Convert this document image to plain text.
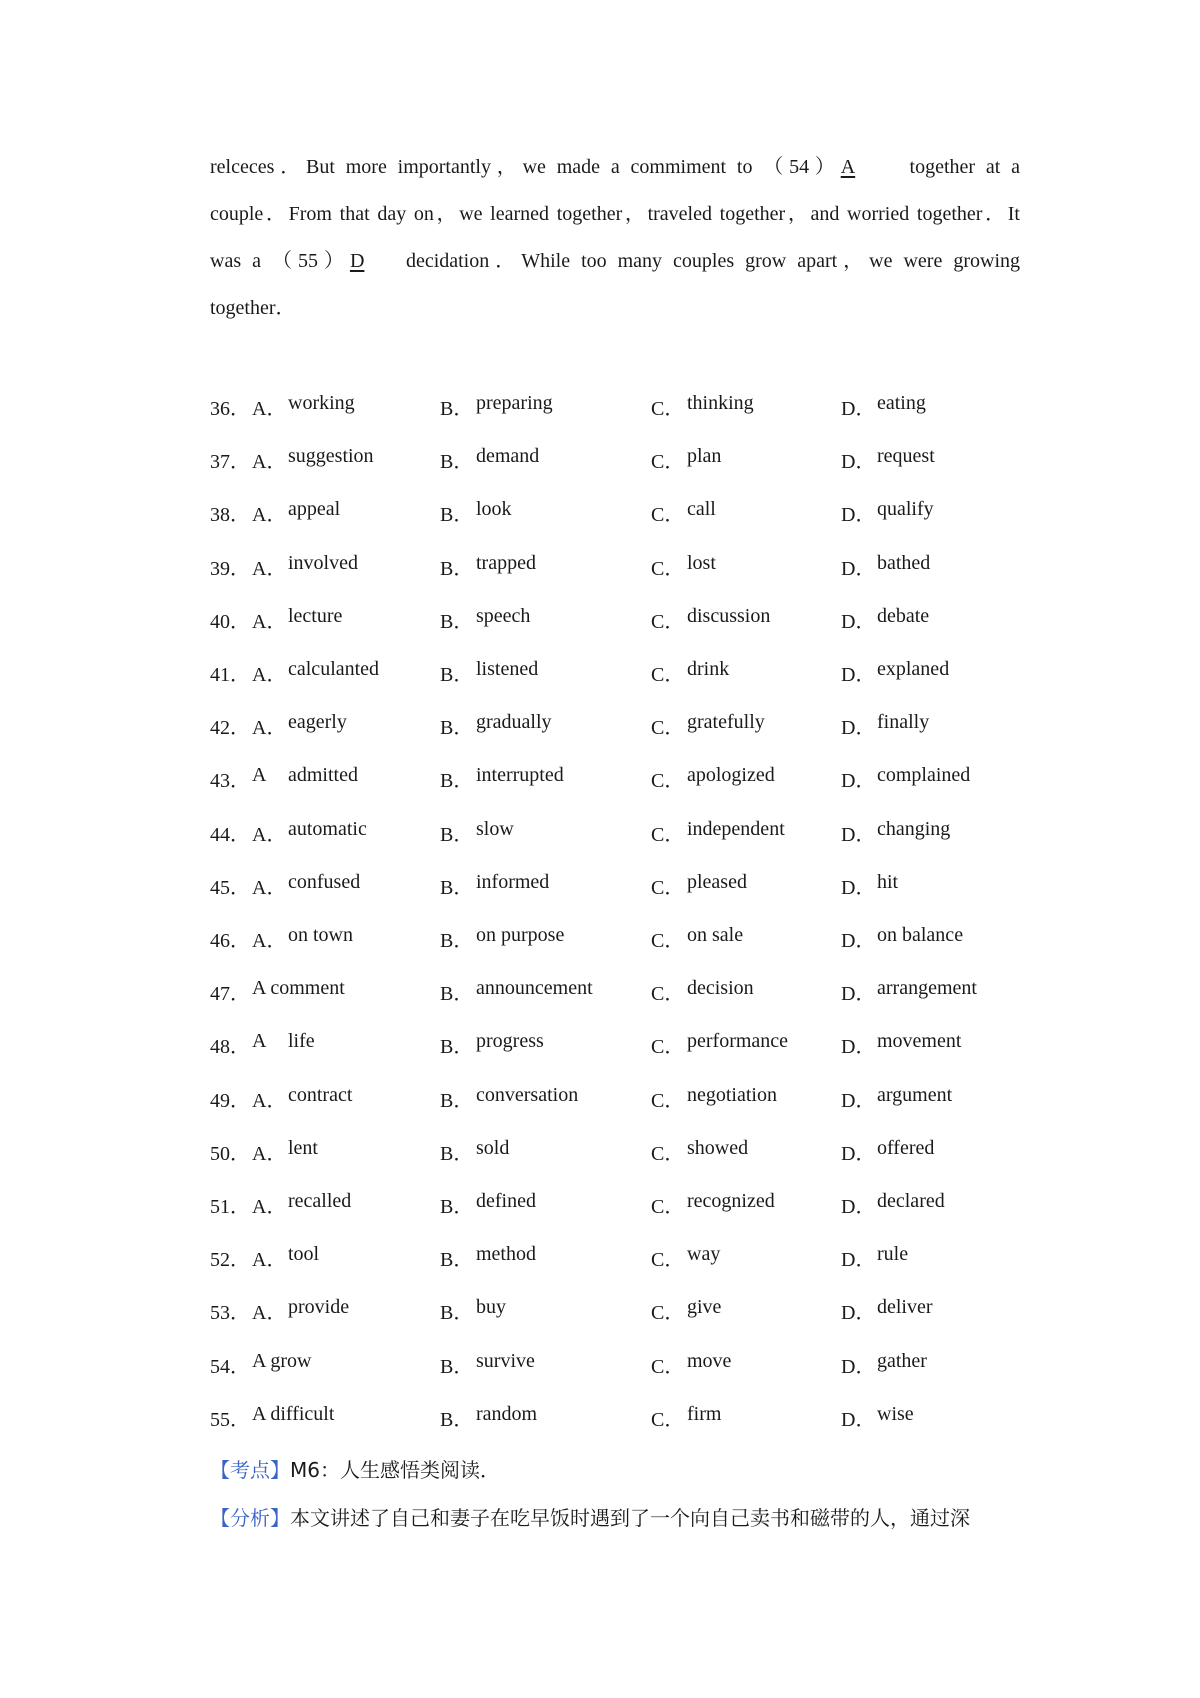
relceces．But more importantly，we made a commiment to （54）A together at a
couple．From that day on，we learned together，traveled together，and worried together．It
was a （55）D decidation．While too many couples grow apart，we were growing
together．
36． A． working	B． preparing	C． thinking	D． eating
37． A． suggestion	B． demand	C． plan	D． request
38． A． appeal	B． look	C． call	D． qualify
39． A． involved	B． trapped	C． lost	D． bathed
40． A． lecture	B． speech	C． discussion	D． debate
41． A． calculanted	B． listened	C． drink	D． explaned
42． A． eagerly	B． gradually	C． gratefully	D． finally
43． A admitted	B． interrupted	C． apologized	D． complained
44． A． automatic	B． slow	C． independent	D． changing
45． A． confused	B． informed	C． pleased	D． hit
46． A． on town	B． on purpose	C． on sale	D． on balance
47． A comment	B． announcement	C． decision	D． arrangement
48． A life	B． progress	C． performance	D． movement
49． A． contract	B． conversation	C． negotiation	D． argument
50． A． lent	B． sold	C． showed	D． offered
51． A． recalled	B． defined	C． recognized	D． declared
52． A． tool	B． method	C． way	D． rule
53． A． provide	B． buy	C． give	D． deliver
54． A grow	B． survive	C． move	D． gather
55． A difficult	B． random	C． firm	D． wise
【考点】M6：人生感悟类阅读．
【分析】本文讲述了自己和妻子在吃早饭时遇到了一个向自己卖书和磁带的人，通过深
